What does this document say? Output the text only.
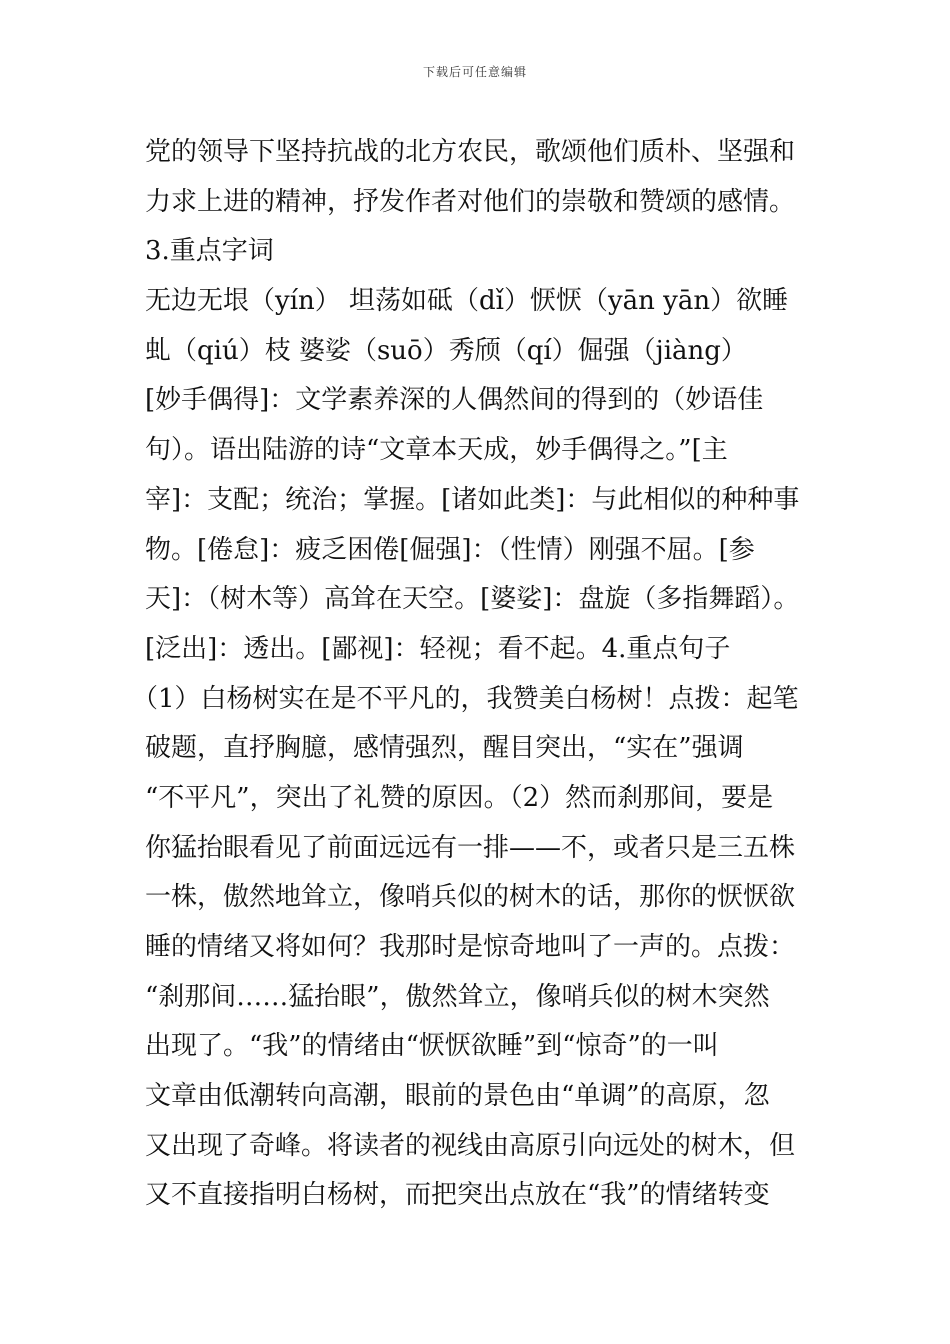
下载后可任意编辑
党的领导下坚持抗战的北方农民，歌颂他们质朴、坚强和
力求上进的精神，抒发作者对他们的崇敬和赞颂的感情。
3.重点字词
无边无垠（yín） 坦荡如砥（dǐ）恹恹（yān yān）欲睡
虬（qiú）枝 婆娑（suō）秀颀（qí）倔强（jiàng）
[妙手偶得]：文学素养深的人偶然间的得到的（妙语佳
句）。语出陆游的诗“文章本天成，妙手偶得之。”[主
宰]：支配；统治；掌握。[诸如此类]：与此相似的种种事
物。[倦怠]：疲乏困倦[倔强]：（性情）刚强不屈。[参
天]：（树木等）高耸在天空。[婆娑]：盘旋（多指舞蹈）。
[泛出]：透出。[鄙视]：轻视；看不起。4.重点句子
（1）白杨树实在是不平凡的，我赞美白杨树！点拨：起笔
破题，直抒胸臆，感情强烈，醒目突出，“实在”强调
“不平凡”，突出了礼赞的原因。（2）然而刹那间，要是
你猛抬眼看见了前面远远有一排——不，或者只是三五株
一株，傲然地耸立，像哨兵似的树木的话，那你的恹恹欲
睡的情绪又将如何？我那时是惊奇地叫了一声的。点拨：
“刹那间……猛抬眼”，傲然耸立，像哨兵似的树木突然
出现了。“我”的情绪由“恹恹欲睡”到“惊奇”的一叫
文章由低潮转向高潮，眼前的景色由“单调”的高原，忽
又出现了奇峰。将读者的视线由高原引向远处的树木，但
又不直接指明白杨树，而把突出点放在“我”的情绪转变
